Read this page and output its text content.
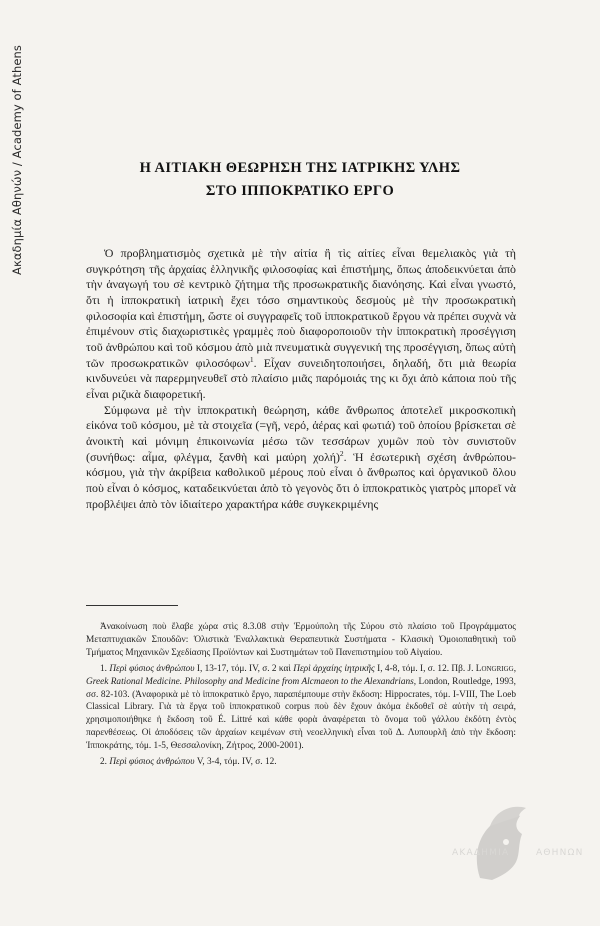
Ακαδημία Αθηνών / Academy of Athens	Η ΑΙΤΙΑΚΗ ΘΕΩΡΗΣΗ ΤΗΣ ΙΑΤΡΙΚΗΣ ΥΛΗΣ
ΣΤΟ ΙΠΠΟΚΡΑΤΙΚΟ ΕΡΓΟ

Ὁ προβληματισμὸς σχετικὰ μὲ τὴν αἰτία ἢ τὶς αἰτίες εἶναι θεμελιακὸς γιὰ τὴ συγκρότηση τῆς ἀρχαίας ἑλληνικῆς φιλοσοφίας καὶ ἐπιστήμης, ὅπως ἀποδεικνύεται ἀπὸ τὴν ἀναγωγή του σὲ κεντρικὸ ζήτημα τῆς προσωκρατικῆς διανόησης. Καὶ εἶναι γνωστό, ὅτι ἡ ἱπποκρατικὴ ἰατρικὴ ἔχει τόσο σημαντικοὺς δεσμοὺς μὲ τὴν προσωκρατικὴ φιλοσοφία καὶ ἐπιστήμη, ὥστε οἱ συγγραφεῖς τοῦ ἱπποκρατικοῦ ἔργου νὰ πρέπει συχνὰ νὰ ἐπιμένουν στὶς διαχωριστικὲς γραμμὲς ποὺ διαφοροποιοῦν τὴν ἱπποκρατικὴ προσέγγιση τοῦ ἀνθρώπου καὶ τοῦ κόσμου ἀπὸ μιὰ πνευματικὰ συγγενική της προσέγγιση, ὅπως αὐτὴ τῶν προσωκρατικῶν φιλοσόφων$^1$. Εἶχαν συνειδητοποιήσει, δηλαδή, ὅτι μιὰ θεωρία κινδυνεύει νὰ παρερμηνευθεῖ στὸ πλαίσιο μιᾶς παρόμοιάς της κι ὄχι ἀπὸ κάποια ποὺ τῆς εἶναι ριζικὰ διαφορετική.

Σύμφωνα μὲ τὴν ἱπποκρατικὴ θεώρηση, κάθε ἄνθρωπος ἀποτελεῖ μικροσκοπικὴ εἰκόνα τοῦ κόσμου, μὲ τὰ στοιχεῖα (=γῆ, νερό, ἀέρας καὶ φωτιά) τοῦ ὁποίου βρίσκεται σὲ ἀνοικτὴ καὶ μόνιμη ἐπικοινωνία μέσω τῶν τεσσάρων χυμῶν ποὺ τὸν συνιστοῦν (συνήθως: αἷμα, φλέγμα, ξανθὴ καὶ μαύρη χολή)$^2$. Ἡ ἐσωτερικὴ σχέση ἀνθρώπου-κόσμου, γιὰ τὴν ἀκρίβεια καθολικοῦ μέρους ποὺ εἶναι ὁ ἄνθρωπος καὶ ὀργανικοῦ ὅλου ποὺ εἶναι ὁ κόσμος, καταδεικνύεται ἀπὸ τὸ γεγονὸς ὅτι ὁ ἱπποκρατικὸς γιατρὸς μπορεῖ νὰ προβλέψει ἀπὸ τὸν ἰδιαίτερο χαρακτήρα κάθε συγκεκριμένης

Ἀνακοίνωση ποὺ ἔλαβε χώρα στὶς 8.3.08 στὴν Ἑρμούπολη τῆς Σύρου στὸ πλαίσιο τοῦ Προγράμματος Μεταπτυχιακῶν Σπουδῶν: Ὁλιστικὰ Ἐναλλακτικὰ Θεραπευτικὰ Συστήματα - Κλασικὴ Ὁμοιοπαθητικὴ τοῦ Τμήματος Μηχανικῶν Σχεδίασης Προϊόντων καὶ Συστημάτων τοῦ Πανεπιστημίου τοῦ Αἰγαίου.

1. Περὶ φύσιος ἀνθρώπου I, 13-17, τόμ. IV, σ. 2 καὶ Περὶ ἀρχαίης ἰητρικῆς I, 4-8, τόμ. I, σ. 12. Πβ. J. Longrigg, Greek Rational Medicine. Philosophy and Medicine from Alcmaeon to the Alexandrians, London, Routledge, 1993, σσ. 82-103. (Ἀναφορικὰ μὲ τὸ ἱπποκρατικὸ ἔργο, παραπέμπουμε στὴν ἔκδοση: Hippocrates, τόμ. I-VIII, The Loeb Classical Library. Γιὰ τὰ ἔργα τοῦ ἱπποκρατικοῦ corpus ποὺ δὲν ἔχουν ἀκόμα ἐκδοθεῖ σὲ αὐτὴν τὴ σειρά, χρησιμοποιήθηκε ἡ ἔκδοση τοῦ É. Littré καὶ κάθε φορὰ ἀναφέρεται τὸ ὄνομα τοῦ γάλλου ἐκδότη ἐντὸς παρενθέσεως. Οἱ ἀποδόσεις τῶν ἀρχαίων κειμένων στὴ νεοελληνικὴ εἶναι τοῦ Δ. Λυπουρλῆ ἀπὸ τὴν ἔκδοση: Ἱπποκράτης, τόμ. 1-5, Θεσσαλονίκη, Ζήτρος, 2000-2001).

2. Περὶ φύσιος ἀνθρώπου V, 3-4, τόμ. IV, σ. 12.

ΑΚΑΔΗΜΙΑ	ΑΘΗΝΩΝ
